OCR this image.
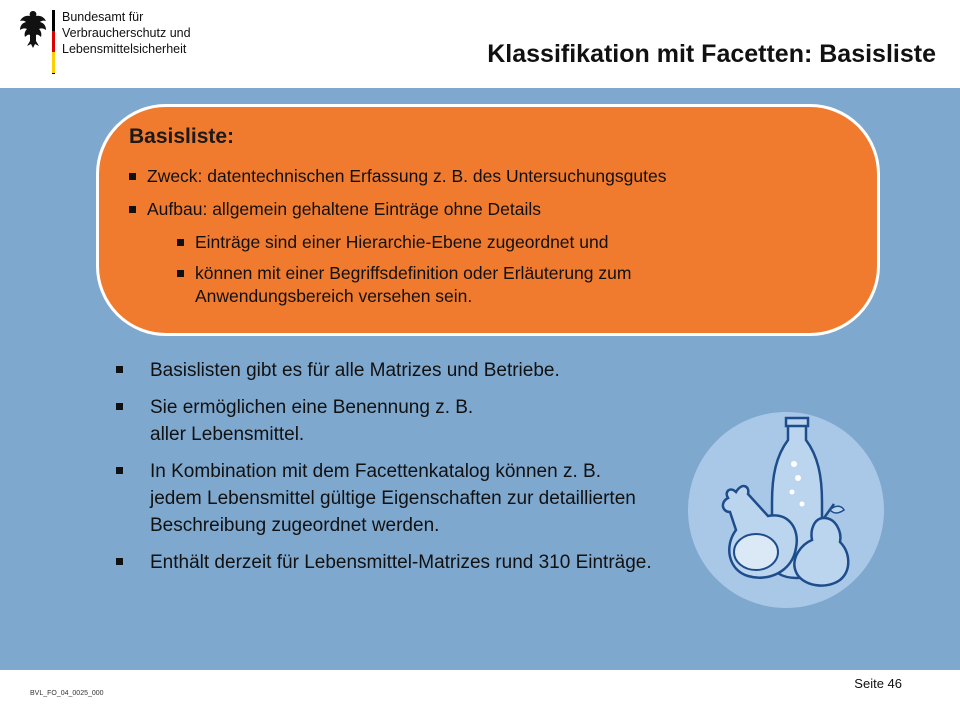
Bundesamt für
Verbraucherschutz und
Lebensmittelsicherheit	Klassifikation mit Facetten: Basisliste
Basisliste:
Zweck: datentechnischen Erfassung z. B. des Untersuchungsgutes
Aufbau: allgemein gehaltene Einträge ohne Details
Einträge sind einer Hierarchie-Ebene zugeordnet und
können mit einer Begriffsdefinition oder Erläuterung zum Anwendungsbereich versehen sein.
Basislisten gibt es für alle Matrizes und Betriebe.
Sie ermöglichen eine Benennung z. B. aller Lebensmittel.
In Kombination mit dem Facettenkatalog können z. B. jedem Lebensmittel gültige Eigenschaften zur detaillierten Beschreibung zugeordnet werden.
Enthält derzeit für Lebensmittel-Matrizes rund 310 Einträge.
BVL_FO_04_0025_000
Seite 46
